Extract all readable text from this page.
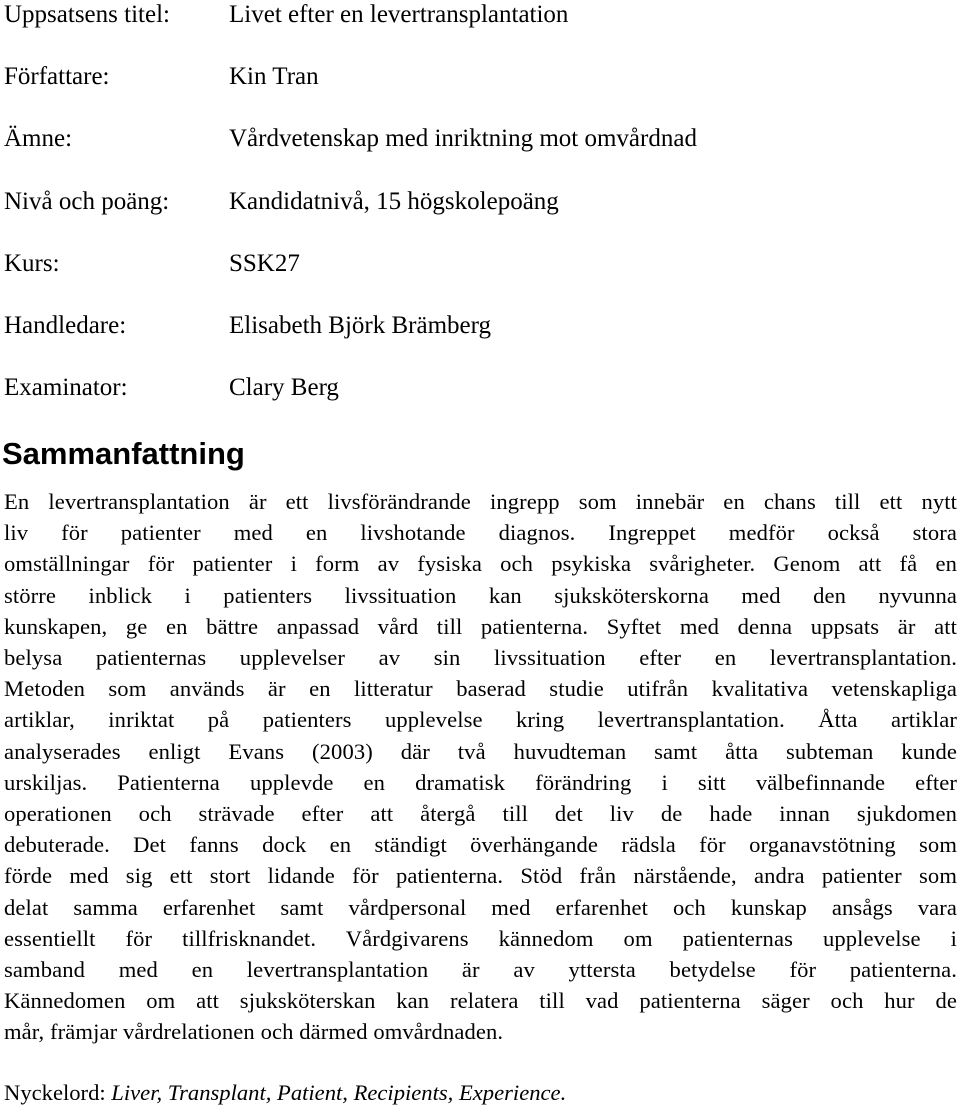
Uppsatsens titel: Livet efter en levertransplantation
Författare:	Kin Tran
Ämne:	Vårdvetenskap med inriktning mot omvårdnad
Nivå och poäng: Kandidatnivå, 15 högskolepoäng
Kurs:	SSK27
Handledare:	Elisabeth Björk Brämberg
Examinator:	Clary Berg
Sammanfattning
En levertransplantation är ett livsförändrande ingrepp som innebär en chans till ett nytt
liv för patienter med en livshotande diagnos. Ingreppet medför också stora
omställningar för patienter i form av fysiska och psykiska svårigheter. Genom att få en
större inblick i patienters livssituation kan sjuksköterskorna med den nyvunna
kunskapen, ge en bättre anpassad vård till patienterna. Syftet med denna uppsats är att
belysa patienternas upplevelser av sin livssituation efter en levertransplantation.
Metoden som används är en litteratur baserad studie utifrån kvalitativa vetenskapliga
artiklar, inriktat på patienters upplevelse kring levertransplantation. Åtta artiklar
analyserades enligt Evans (2003) där två huvudteman samt åtta subteman kunde
urskiljas. Patienterna upplevde en dramatisk förändring i sitt välbefinnande efter
operationen och strävade efter att återgå till det liv de hade innan sjukdomen
debuterade. Det fanns dock en ständigt överhängande rädsla för organavstötning som
förde med sig ett stort lidande för patienterna. Stöd från närstående, andra patienter som
delat samma erfarenhet samt vårdpersonal med erfarenhet och kunskap ansågs vara
essentiellt för tillfrisknandet. Vårdgivarens kännedom om patienternas upplevelse i
samband med en levertransplantation är av yttersta betydelse för patienterna.
Kännedomen om att sjuksköterskan kan relatera till vad patienterna säger och hur de
mår, främjar vårdrelationen och därmed omvårdnaden.

Nyckelord: Liver, Transplant, Patient, Recipients, Experience.
